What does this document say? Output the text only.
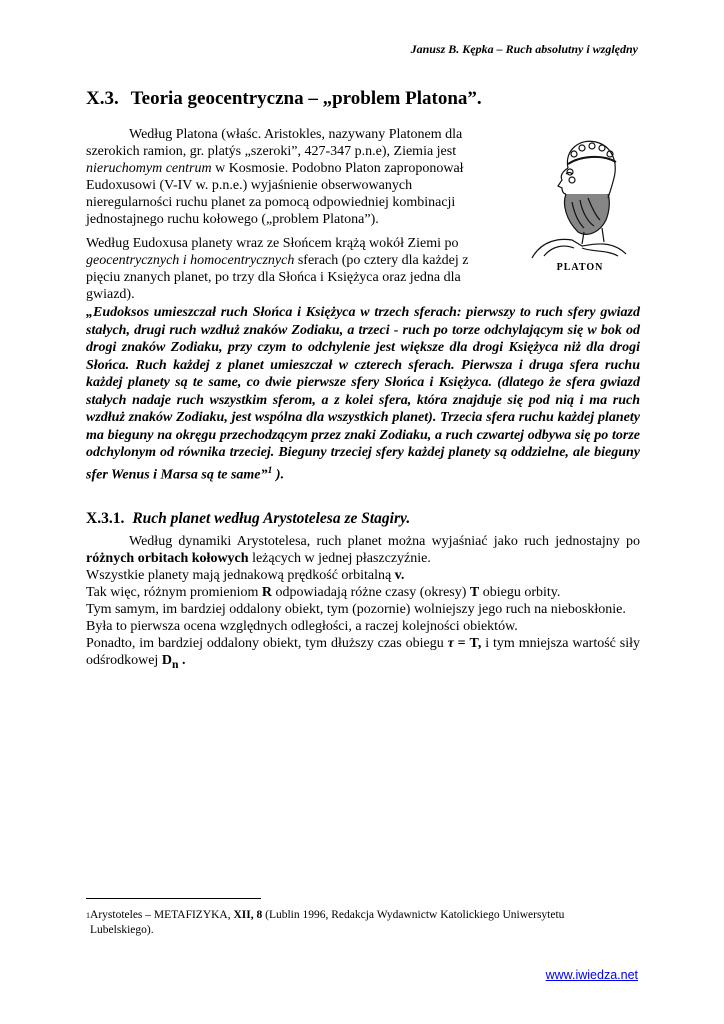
Janusz B. Kępka – Ruch absolutny i względny
X.3. Teoria geocentryczna – „problem Platona”.

Według Platona (właśc. Aristokles, nazywany Platonem dla szerokich ramion, gr. platýs „szeroki”, 427-347 p.n.e), Ziemia jest nieruchomym centrum w Kosmosie. Podobno Platon zaproponował Eudoxusowi (V-IV w. p.n.e.) wyjaśnienie obserwowanych nieregularności ruchu planet za pomocą odpowiedniej kombinacji jednostajnego ruchu kołowego („problem Platona”).

Według Eudoxusa planety wraz ze Słońcem krążą wokół Ziemi po geocentrycznych i homocentrycznych sferach (po cztery dla każdej z pięciu znanych planet, po trzy dla Słońca i Księżyca oraz jedna dla gwiazd).

PLATON

„Eudoksos umieszczał ruch Słońca i Księżyca w trzech sferach: pierwszy to ruch sfery gwiazd stałych, drugi ruch wzdłuż znaków Zodiaku, a trzeci - ruch po torze odchylającym się w bok od drogi znaków Zodiaku, przy czym to odchylenie jest większe dla drogi Księżyca niż dla drogi Słońca. Ruch każdej z planet umieszczał w czterech sferach. Pierwsza i druga sfera ruchu każdej planety są te same, co dwie pierwsze sfery Słońca i Księżyca. (dlatego że sfera gwiazd stałych nadaje ruch wszystkim sferom, a z kolei sfera, która znajduje się pod nią i ma ruch wzdłuż znaków Zodiaku, jest wspólna dla wszystkich planet). Trzecia sfera ruchu każdej planety ma bieguny na okręgu przechodzącym przez znaki Zodiaku, a ruch czwartej odbywa się po torze odchylonym od równika trzeciej. Bieguny trzeciej sfery każdej planety są oddzielne, ale bieguny sfer Wenus i Marsa są te same”$^1$ ).

X.3.1. Ruch planet według Arystotelesa ze Stagiry.

Według dynamiki Arystotelesa, ruch planet można wyjaśniać jako ruch jednostajny po różnych orbitach kołowych leżących w jednej płaszczyźnie.

Wszystkie planety mają jednakową prędkość orbitalną v.

Tak więc, różnym promieniom R odpowiadają różne czasy (okresy) T obiegu orbity.

Tym samym, im bardziej oddalony obiekt, tym (pozornie) wolniejszy jego ruch na nieboskłonie.

Była to pierwsza ocena względnych odległości, a raczej kolejności obiektów.

Ponadto, im bardziej oddalony obiekt, tym dłuższy czas obiegu τ = T, i tym mniejsza wartość siły odśrodkowej $D_n$ .

$^1$Arystoteles – METAFIZYKA, XII, 8 (Lublin 1996, Redakcja Wydawnictw Katolickiego Uniwersytetu Lubelskiego).
www.iwiedza.net
